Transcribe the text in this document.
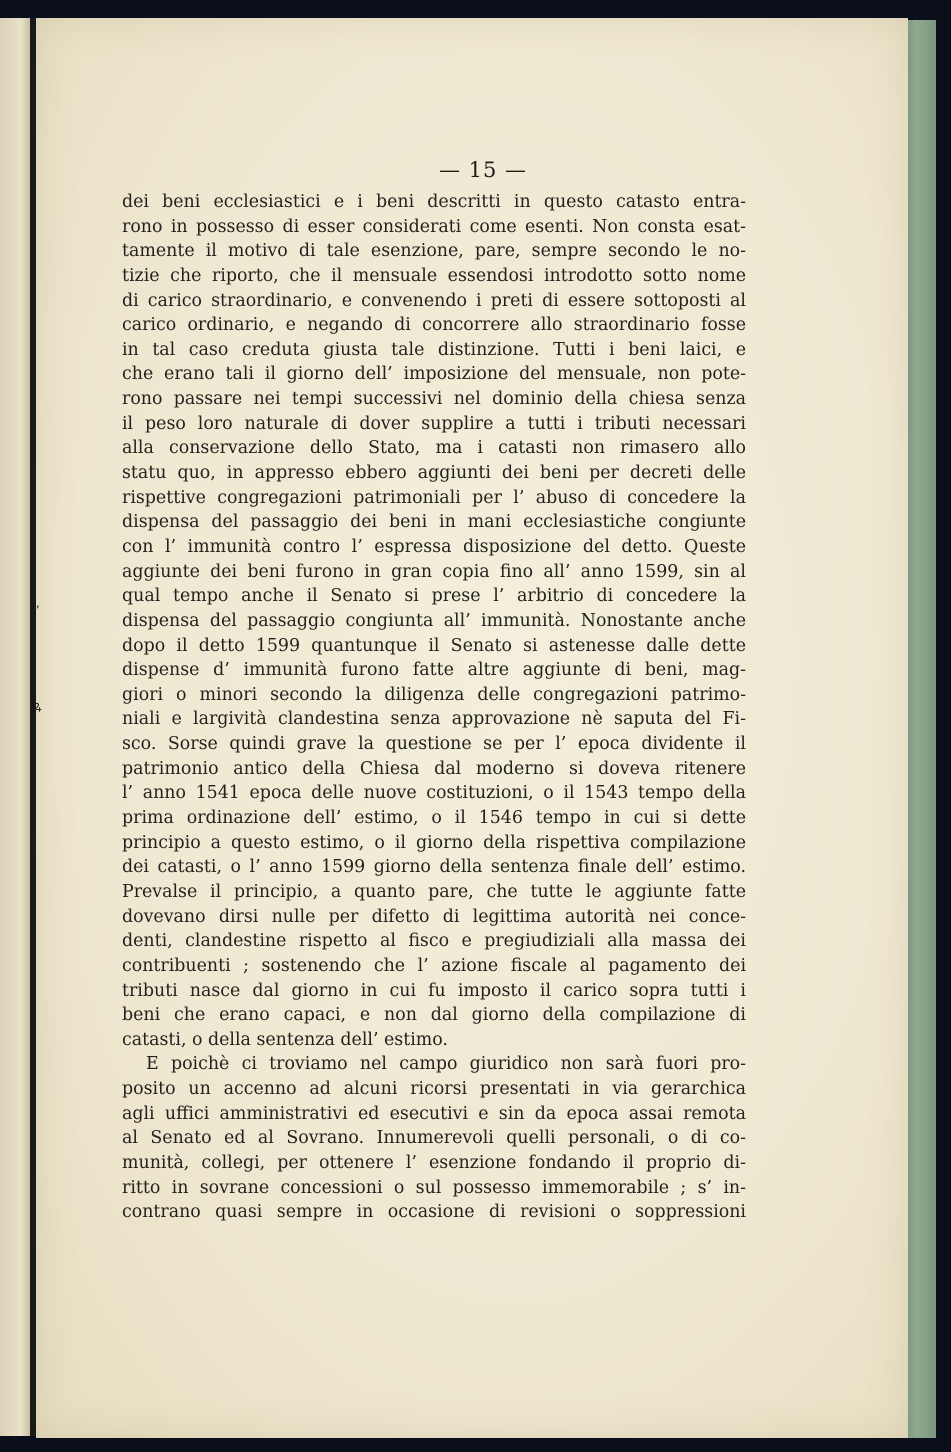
— 15 —
dei beni ecclesiastici e i beni descritti in questo catasto entra-
rono in possesso di esser considerati come esenti. Non consta esat-
tamente il motivo di tale esenzione, pare, sempre secondo le no-
tizie che riporto, che il mensuale essendosi introdotto sotto nome
di carico straordinario, e convenendo i preti di essere sottoposti al
carico ordinario, e negando di concorrere allo straordinario fosse
in tal caso creduta giusta tale distinzione. Tutti i beni laici, e
che erano tali il giorno dell’ imposizione del mensuale, non pote-
rono passare nei tempi successivi nel dominio della chiesa senza
il peso loro naturale di dover supplire a tutti i tributi necessari
alla conservazione dello Stato, ma i catasti non rimasero allo
statu quo, in appresso ebbero aggiunti dei beni per decreti delle
rispettive congregazioni patrimoniali per l’ abuso di concedere la
dispensa del passaggio dei beni in mani ecclesiastiche congiunte
con l’ immunità contro l’ espressa disposizione del detto. Queste
aggiunte dei beni furono in gran copia fino all’ anno 1599, sin al
qual tempo anche il Senato si prese l’ arbitrio di concedere la
dispensa del passaggio congiunta all’ immunità. Nonostante anche
dopo il detto 1599 quantunque il Senato si astenesse dalle dette
dispense d’ immunità furono fatte altre aggiunte di beni, mag-
giori o minori secondo la diligenza delle congregazioni patrimo-
niali e largività clandestina senza approvazione nè saputa del Fi-
sco. Sorse quindi grave la questione se per l’ epoca dividente il
patrimonio antico della Chiesa dal moderno si doveva ritenere
l’ anno 1541 epoca delle nuove costituzioni, o il 1543 tempo della
prima ordinazione dell’ estimo, o il 1546 tempo in cui si dette
principio a questo estimo, o il giorno della rispettiva compilazione
dei catasti, o l’ anno 1599 giorno della sentenza finale dell’ estimo.
Prevalse il principio, a quanto pare, che tutte le aggiunte fatte
dovevano dirsi nulle per difetto di legittima autorità nei conce-
denti, clandestine rispetto al fisco e pregiudiziali alla massa dei
contribuenti ; sostenendo che l’ azione fiscale al pagamento dei
tributi nasce dal giorno in cui fu imposto il carico sopra tutti i
beni che erano capaci, e non dal giorno della compilazione di
catasti, o della sentenza dell’ estimo.
E poichè ci troviamo nel campo giuridico non sarà fuori pro-
posito un accenno ad alcuni ricorsi presentati in via gerarchica
agli uffici amministrativi ed esecutivi e sin da epoca assai remota
al Senato ed al Sovrano. Innumerevoli quelli personali, o di co-
munità, collegi, per ottenere l’ esenzione fondando il proprio di-
ritto in sovrane concessioni o sul possesso immemorabile ; s’ in-
contrano quasi sempre in occasione di revisioni o soppressioni
,
ꝝ
